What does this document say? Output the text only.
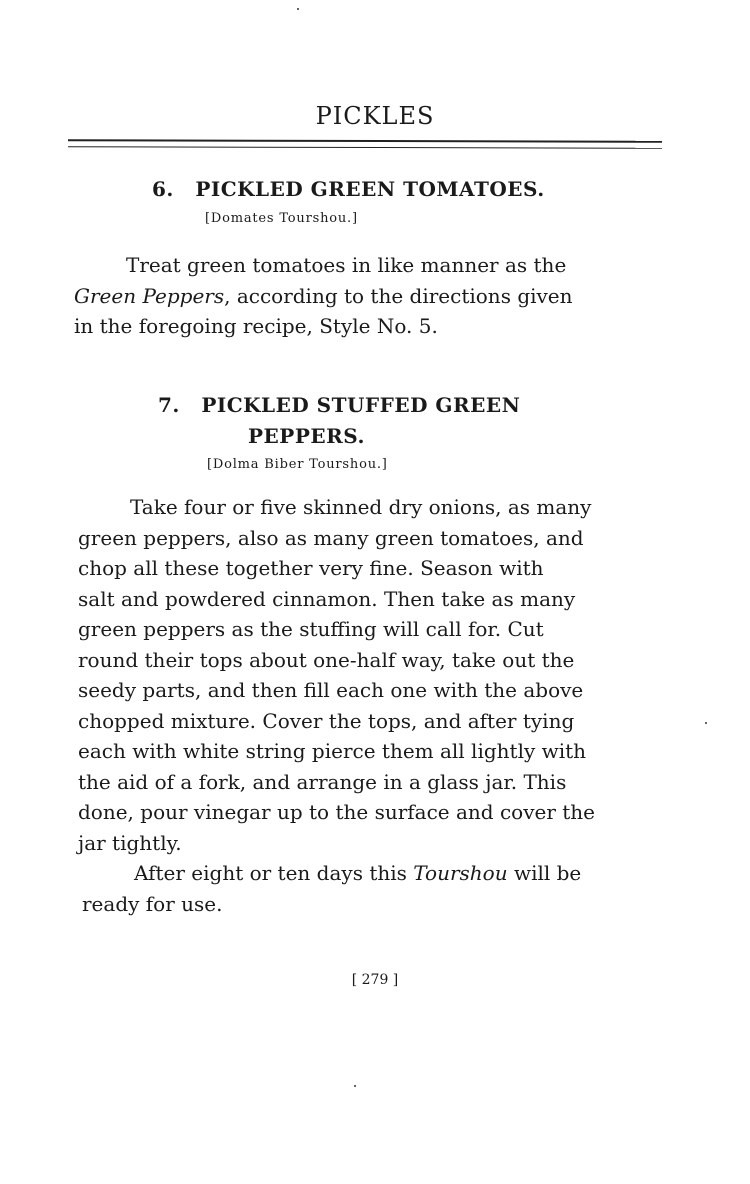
PICKLES
6. PICKLED GREEN TOMATOES.
[Domates Tourshou.]
Treat green tomatoes in like manner as the
Green Peppers, according to the directions given
in the foregoing recipe, Style No. 5.
7. PICKLED STUFFED GREEN
PEPPERS.
[Dolma Biber Tourshou.]
Take four or five skinned dry onions, as many
green peppers, also as many green tomatoes, and
chop all these together very fine. Season with
salt and powdered cinnamon. Then take as many
green peppers as the stuffing will call for. Cut
round their tops about one-half way, take out the
seedy parts, and then fill each one with the above
chopped mixture. Cover the tops, and after tying
each with white string pierce them all lightly with
the aid of a fork, and arrange in a glass jar. This
done, pour vinegar up to the surface and cover the
jar tightly.
After eight or ten days this Tourshou will be
ready for use.
[ 279 ]
